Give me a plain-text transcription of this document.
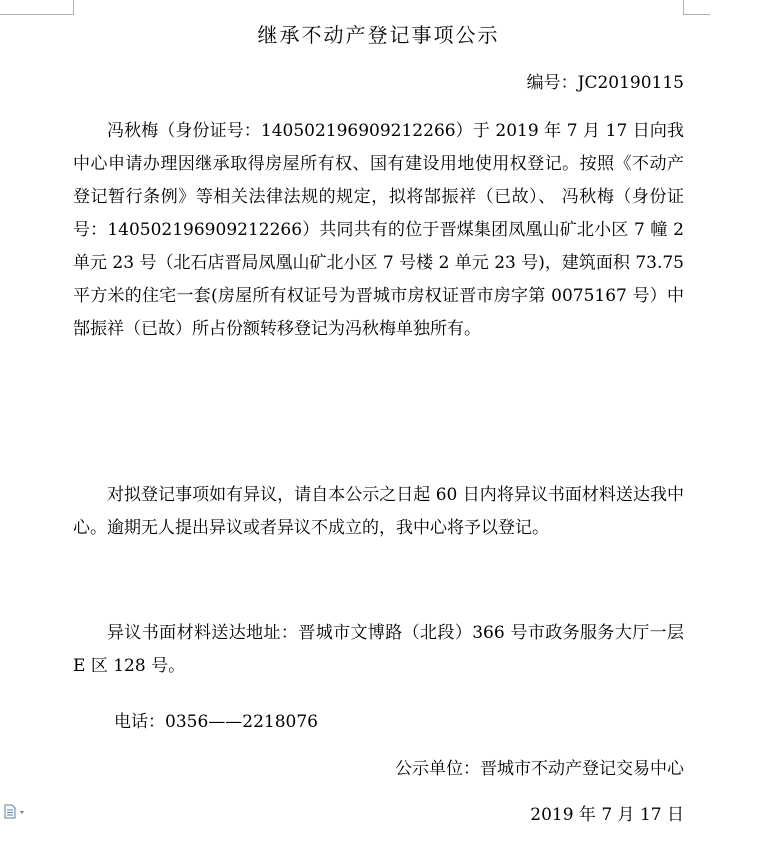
继承不动产登记事项公示
编号：JC20190115

冯秋梅（身份证号：140502196909212266）于 2019 年 7 月 17 日向我中心申请办理因继承取得房屋所有权、国有建设用地使用权登记。按照《不动产登记暂行条例》等相关法律法规的规定，拟将郜振祥（已故）、 冯秋梅（身份证号：140502196909212266）共同共有的位于晋煤集团凤凰山矿北小区 7 幢 2 单元 23 号（北石店晋局凤凰山矿北小区 7 号楼 2 单元 23 号)，建筑面积 73.75 平方米的住宅一套(房屋所有权证号为晋城市房权证晋市房字第 0075167 号）中郜振祥（已故）所占份额转移登记为冯秋梅单独所有。

对拟登记事项如有异议，请自本公示之日起 60 日内将异议书面材料送达我中心。逾期无人提出异议或者异议不成立的，我中心将予以登记。

异议书面材料送达地址：晋城市文博路（北段）366 号市政务服务大厅一层 E 区 128 号。

电话：0356——2218076
公示单位：晋城市不动产登记交易中心
2019 年 7 月 17 日
